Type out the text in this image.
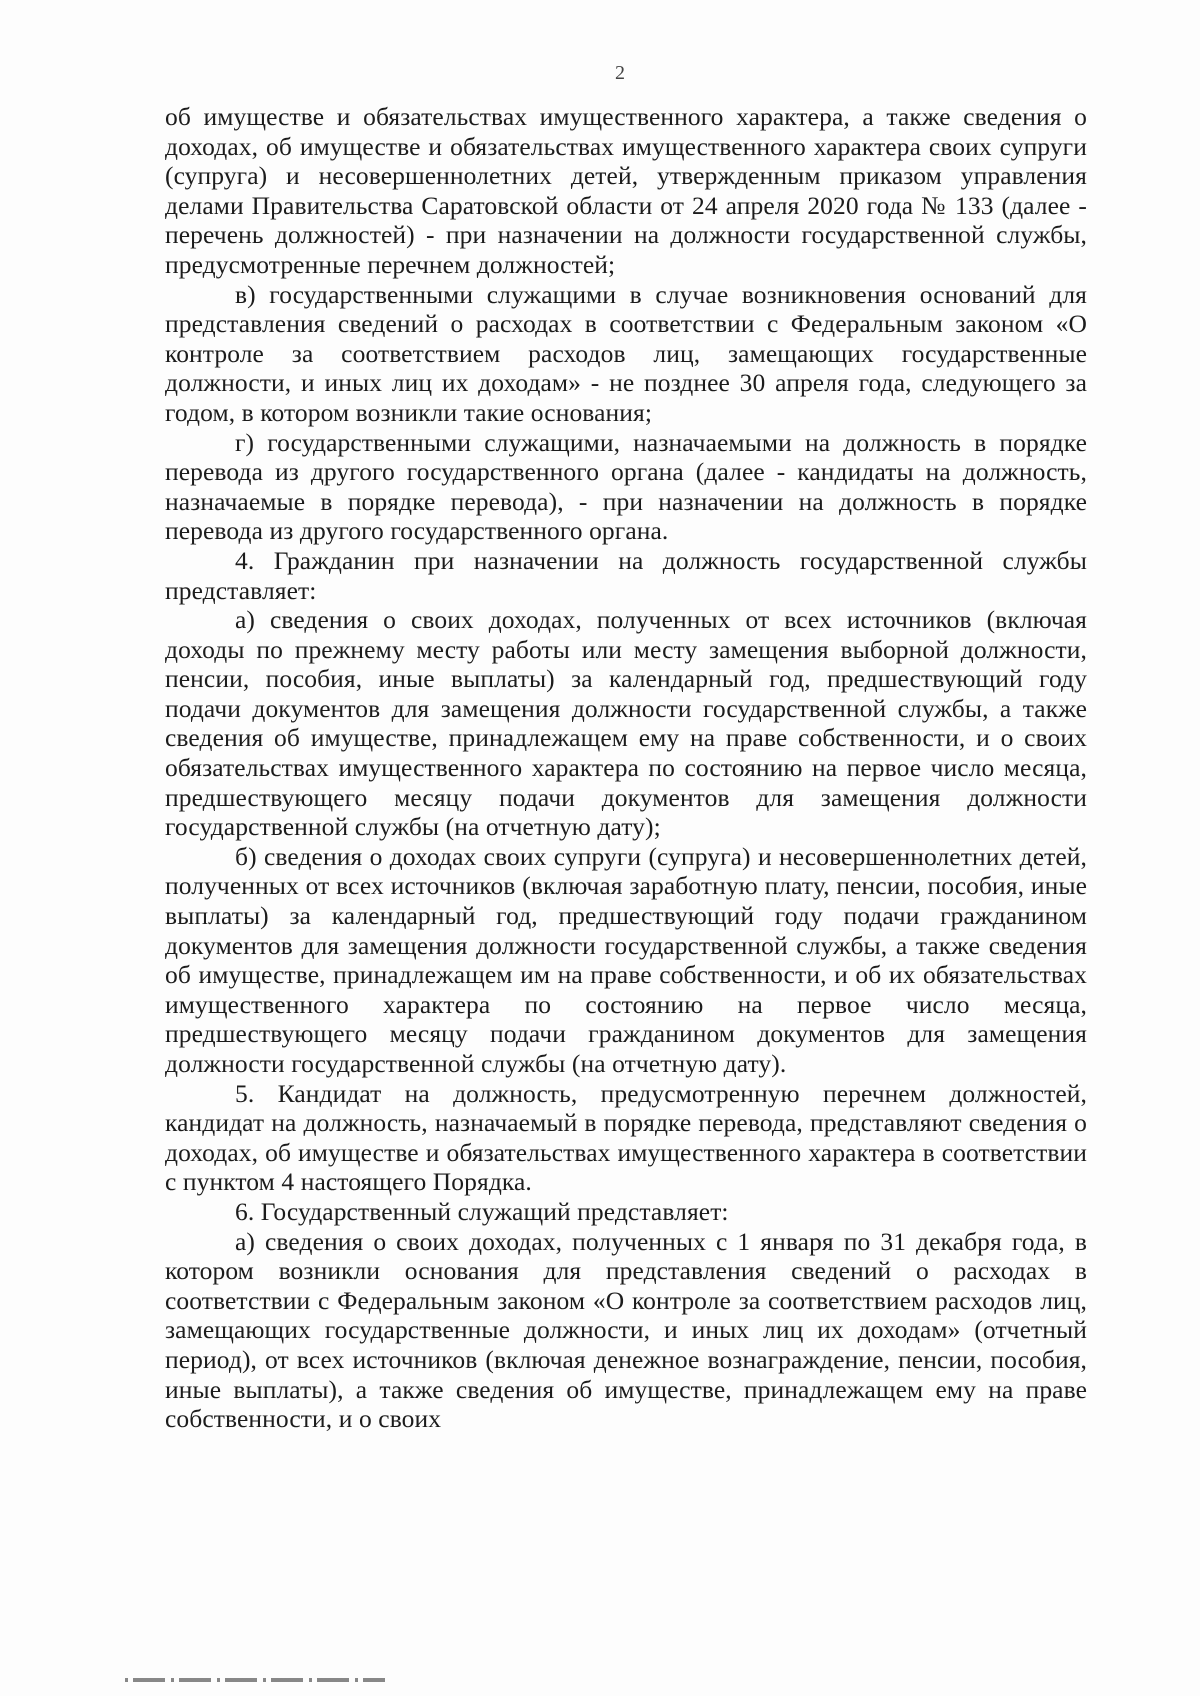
2

об имуществе и обязательствах имущественного характера, а также сведения о доходах, об имуществе и обязательствах имущественного характера своих супруги (супруга) и несовершеннолетних детей, утвержденным приказом управления делами Правительства Саратовской области от 24 апреля 2020 года № 133 (далее - перечень должностей) - при назначении на должности государственной службы, предусмотренные перечнем должностей;

в) государственными служащими в случае возникновения оснований для представления сведений о расходах в соответствии с Федеральным законом «О контроле за соответствием расходов лиц, замещающих государственные должности, и иных лиц их доходам» - не позднее 30 апреля года, следующего за годом, в котором возникли такие основания;

г) государственными служащими, назначаемыми на должность в порядке перевода из другого государственного органа (далее - кандидаты на должность, назначаемые в порядке перевода), - при назначении на должность в порядке перевода из другого государственного органа.

4. Гражданин при назначении на должность государственной службы представляет:

а) сведения о своих доходах, полученных от всех источников (включая доходы по прежнему месту работы или месту замещения выборной должности, пенсии, пособия, иные выплаты) за календарный год, предшествующий году подачи документов для замещения должности государственной службы, а также сведения об имуществе, принадлежащем ему на праве собственности, и о своих обязательствах имущественного характера по состоянию на первое число месяца, предшествующего месяцу подачи документов для замещения должности государственной службы (на отчетную дату);

б) сведения о доходах своих супруги (супруга) и несовершеннолетних детей, полученных от всех источников (включая заработную плату, пенсии, пособия, иные выплаты) за календарный год, предшествующий году подачи гражданином документов для замещения должности государственной службы, а также сведения об имуществе, принадлежащем им на праве собственности, и об их обязательствах имущественного характера по состоянию на первое число месяца, предшествующего месяцу подачи гражданином документов для замещения должности государственной службы (на отчетную дату).

5. Кандидат на должность, предусмотренную перечнем должностей, кандидат на должность, назначаемый в порядке перевода, представляют сведения о доходах, об имуществе и обязательствах имущественного характера в соответствии с пунктом 4 настоящего Порядка.

6. Государственный служащий представляет:

а) сведения о своих доходах, полученных с 1 января по 31 декабря года, в котором возникли основания для представления сведений о расходах в соответствии с Федеральным законом «О контроле за соответствием расходов лиц, замещающих государственные должности, и иных лиц их доходам» (отчетный период), от всех источников (включая денежное вознаграждение, пенсии, пособия, иные выплаты), а также сведения об имуществе, принадлежащем ему на праве собственности, и о своих
